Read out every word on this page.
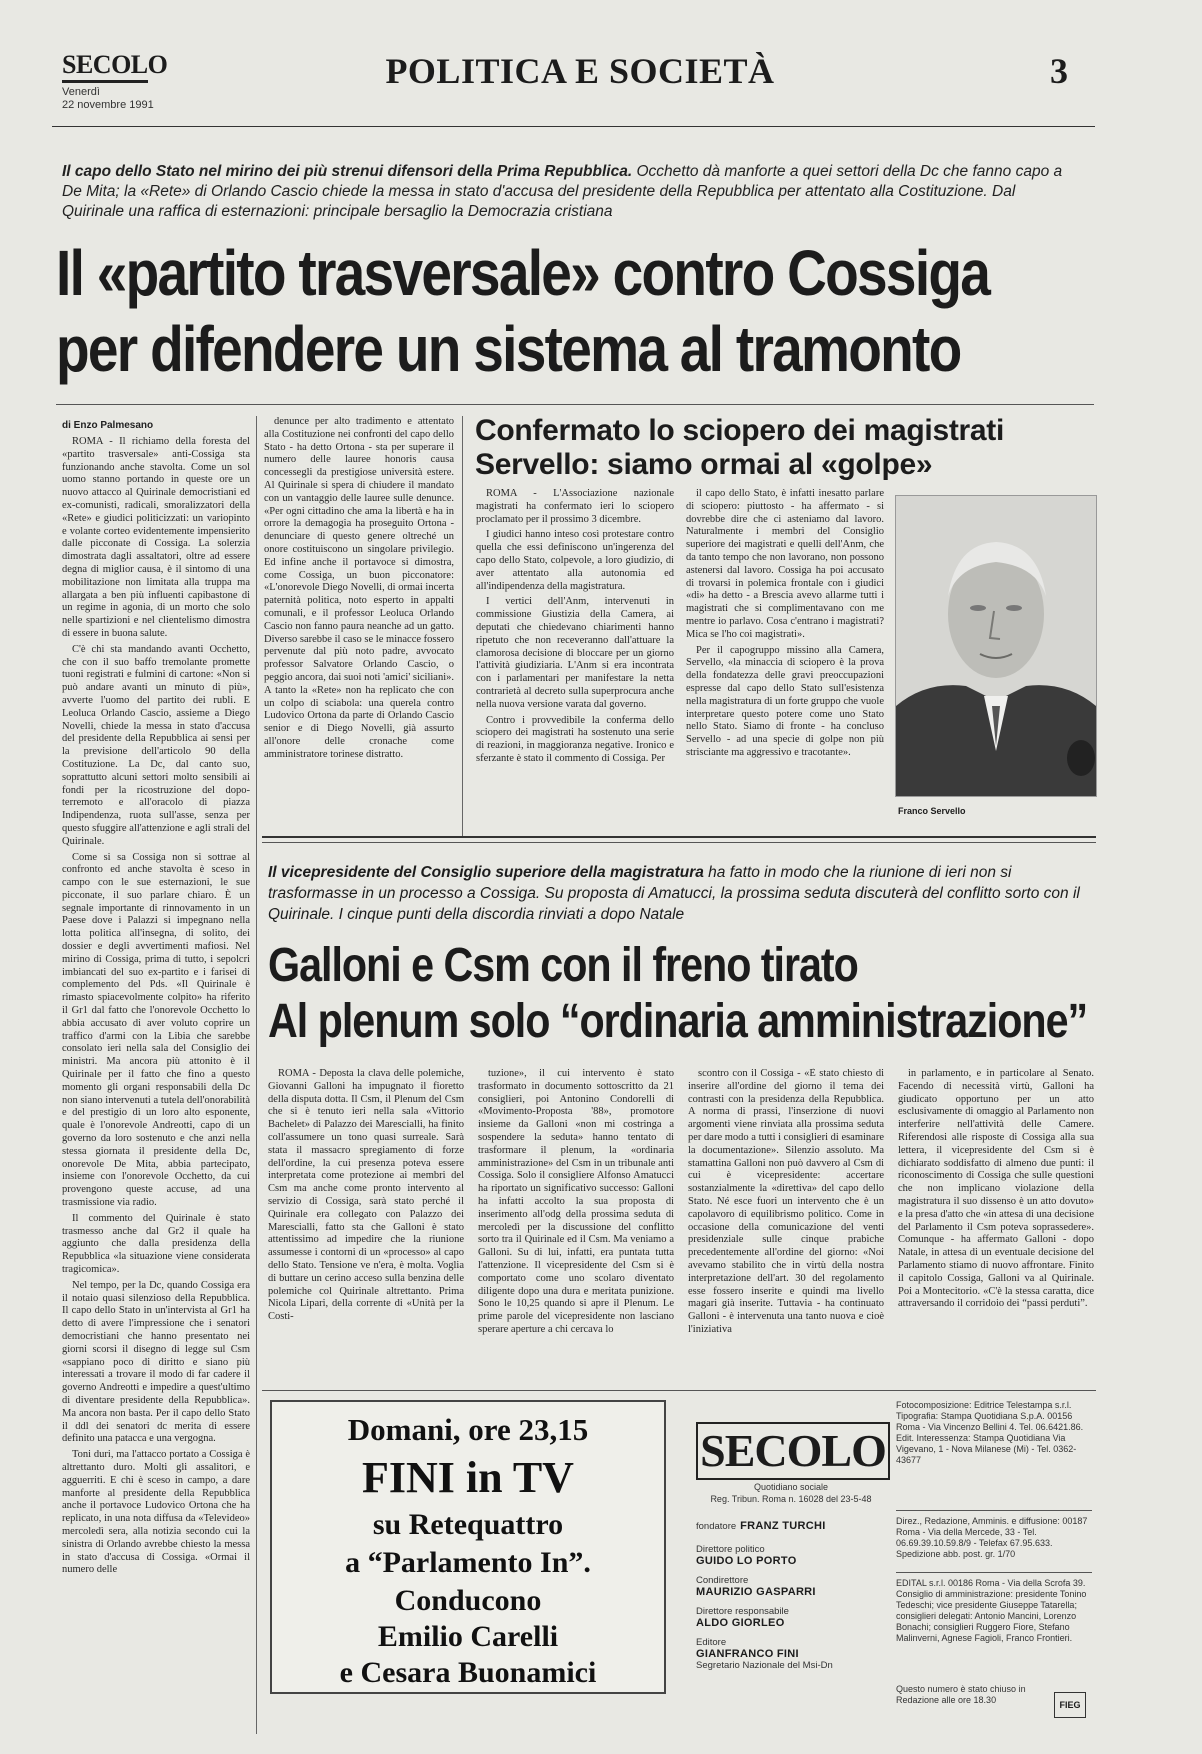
SECOLO
Venerdì
22 novembre 1991
POLITICA E SOCIETÀ	3
Il capo dello Stato nel mirino dei più strenui difensori della Prima Repubblica. Occhetto dà manforte a quei settori della Dc che fanno capo a De Mita; la «Rete» di Orlando Cascio chiede la messa in stato d'accusa del presidente della Repubblica per attentato alla Costituzione. Dal Quirinale una raffica di esternazioni: principale bersaglio la Democrazia cristiana
Il «partito trasversale» contro Cossiga
per difendere un sistema al tramonto
di Enzo Palmesano

ROMA - Il richiamo della foresta del «partito trasversale» anti-Cossiga sta funzionando anche stavolta. Come un sol uomo stanno portando in queste ore un nuovo attacco al Quirinale democristiani ed ex-comunisti, radicali, smoralizzatori della «Rete» e giudici politicizzati: un variopinto e volante corteo evidentemente impensierito dalle picconate di Cossiga. La solerzia dimostrata dagli assaltatori, oltre ad essere degna di miglior causa, è il sintomo di una mobilitazione non limitata alla truppa ma allargata a ben più influenti capibastone di un regime in agonia, di un morto che solo nelle spartizioni e nel clientelismo dimostra di essere in buona salute.

C'è chi sta mandando avanti Occhetto, che con il suo baffo tremolante promette tuoni registrati e fulmini di cartone: «Non si può andare avanti un minuto di più», avverte l'uomo del partito dei rubli. E Leoluca Orlando Cascio, assieme a Diego Novelli, chiede la messa in stato d'accusa del presidente della Repubblica ai sensi per la previsione dell'articolo 90 della Costituzione. La Dc, dal canto suo, soprattutto alcuni settori molto sensibili ai fondi per la ricostruzione del dopo-terremoto e all'oracolo di piazza Indipendenza, ruota sull'asse, senza per questo sfuggire all'attenzione e agli strali del Quirinale.

Come si sa Cossiga non si sottrae al confronto ed anche stavolta è sceso in campo con le sue esternazioni, le sue picconate, il suo parlare chiaro. È un segnale importante di rinnovamento in un Paese dove i Palazzi si impegnano nella lotta politica all'insegna, di solito, dei dossier e degli avvertimenti mafiosi. Nel mirino di Cossiga, prima di tutto, i sepolcri imbiancati del suo ex-partito e i farisei di complemento del Pds. «Il Quirinale è rimasto spiacevolmente colpito» ha riferito il Gr1 dal fatto che l'onorevole Occhetto lo abbia accusato di aver voluto coprire un traffico d'armi con la Libia che sarebbe consolato ieri nella sala del Consiglio dei ministri. Ma ancora più attonito è il Quirinale per il fatto che fino a questo momento gli organi responsabili della Dc non siano intervenuti a tutela dell'onorabilità e del prestigio di un loro alto esponente, quale è l'onorevole Andreotti, capo di un governo da loro sostenuto e che anzi nella stessa giornata il presidente della Dc, onorevole De Mita, abbia partecipato, insieme con l'onorevole Occhetto, da cui provengono queste accuse, ad una trasmissione via radio.

Il commento del Quirinale è stato trasmesso anche dal Gr2 il quale ha aggiunto che dalla presidenza della Repubblica «la situazione viene considerata tragicomica».

Nel tempo, per la Dc, quando Cossiga era il notaio quasi silenzioso della Repubblica. Il capo dello Stato in un'intervista al Gr1 ha detto di avere l'impressione che i senatori democristiani che hanno presentato nei giorni scorsi il disegno di legge sul Csm «sappiano poco di diritto e siano più interessati a trovare il modo di far cadere il governo Andreotti e impedire a quest'ultimo di diventare presidente della Repubblica». Ma ancora non basta. Per il capo dello Stato il ddl dei senatori dc merita di essere definito una patacca e una vergogna.

Toni duri, ma l'attacco portato a Cossiga è altrettanto duro. Molti gli assalitori, e agguerriti. E chi è sceso in campo, a dare manforte al presidente della Repubblica anche il portavoce Ludovico Ortona che ha replicato, in una nota diffusa da «Televideo» mercoledì sera, alla notizia secondo cui la sinistra di Orlando avrebbe chiesto la messa in stato d'accusa di Cossiga. «Ormai il numero delle

denunce per alto tradimento e attentato alla Costituzione nei confronti del capo dello Stato - ha detto Ortona - sta per superare il numero delle lauree honoris causa concessegli da prestigiose università estere. Al Quirinale si spera di chiudere il mandato con un vantaggio delle lauree sulle denunce. «Per ogni cittadino che ama la libertà e ha in orrore la demagogia ha proseguito Ortona - denunciare di questo genere oltreché un onore costituiscono un singolare privilegio. Ed infine anche il portavoce si dimostra, come Cossiga, un buon picconatore: «L'onorevole Diego Novelli, di ormai incerta paternità politica, noto esperto in appalti comunali, e il professor Leoluca Orlando Cascio non fanno paura neanche ad un gatto. Diverso sarebbe il caso se le minacce fossero pervenute dal più noto padre, avvocato professor Salvatore Orlando Cascio, o peggio ancora, dai suoi noti 'amici' siciliani». A tanto la «Rete» non ha replicato che con un colpo di sciabola: una querela contro Ludovico Ortona da parte di Orlando Cascio senior e di Diego Novelli, già assurto all'onore delle cronache come amministratore torinese distratto.

Confermato lo sciopero dei magistrati
Servello: siamo ormai al «golpe»

ROMA - L'Associazione nazionale magistrati ha confermato ieri lo sciopero proclamato per il prossimo 3 dicembre.

I giudici hanno inteso così protestare contro quella che essi definiscono un'ingerenza del capo dello Stato, colpevole, a loro giudizio, di aver attentato alla autonomia ed all'indipendenza della magistratura.

I vertici dell'Anm, intervenuti in commissione Giustizia della Camera, ai deputati che chiedevano chiarimenti hanno ripetuto che non receveranno dall'attuare la clamorosa decisione di bloccare per un giorno l'attività giudiziaria. L'Anm si era incontrata con i parlamentari per manifestare la netta contrarietà al decreto sulla superprocura anche nella nuova versione varata dal governo.

Contro i provvedibile la conferma dello sciopero dei magistrati ha sostenuto una serie di reazioni, in maggioranza negative. Ironico e sferzante è stato il commento di Cossiga. Per

il capo dello Stato, è infatti inesatto parlare di sciopero: piuttosto - ha affermato - si dovrebbe dire che ci asteniamo dal lavoro. Naturalmente i membri del Consiglio superiore dei magistrati e quelli dell'Anm, che da tanto tempo che non lavorano, non possono astenersi dal lavoro. Cossiga ha poi accusato di trovarsi in polemica frontale con i giudici «di» ha detto - a Brescia avevo allarme tutti i magistrati che si complimentavano con me mentre io parlavo. Cosa c'entrano i magistrati? Mica se l'ho coi magistrati».

Per il capogruppo missino alla Camera, Servello, «la minaccia di sciopero è la prova della fondatezza delle gravi preoccupazioni espresse dal capo dello Stato sull'esistenza nella magistratura di un forte gruppo che vuole interpretare questo potere come uno Stato nello Stato. Siamo di fronte - ha concluso Servello - ad una specie di golpe non più strisciante ma aggressivo e tracotante».

Franco Servello
Il vicepresidente del Consiglio superiore della magistratura ha fatto in modo che la riunione di ieri non si trasformasse in un processo a Cossiga. Su proposta di Amatucci, la prossima seduta discuterà del conflitto sorto con il Quirinale. I cinque punti della discordia rinviati a dopo Natale
Galloni e Csm con il freno tirato
Al plenum solo “ordinaria amministrazione”

ROMA - Deposta la clava delle polemiche, Giovanni Galloni ha impugnato il fioretto della disputa dotta. Il Csm, il Plenum del Csm che si è tenuto ieri nella sala «Vittorio Bachelet» di Palazzo dei Marescialli, ha finito coll'assumere un tono quasi surreale. Sarà stata il massacro spregiamento di forze dell'ordine, la cui presenza poteva essere interpretata come protezione ai membri del Csm ma anche come pronto intervento al servizio di Cossiga, sarà stato perché il Quirinale era collegato con Palazzo dei Marescialli, fatto sta che Galloni è stato attentissimo ad impedire che la riunione assumesse i contorni di un «processo» al capo dello Stato. Tensione ve n'era, è molta. Voglia di buttare un cerino acceso sulla benzina delle polemiche col Quirinale altrettanto. Prima Nicola Lipari, della corrente di «Unità per la Costi-

tuzione», il cui intervento è stato trasformato in documento sottoscritto da 21 consiglieri, poi Antonino Condorelli di «Movimento-Proposta '88», promotore insieme da Galloni «non mi costringa a sospendere la seduta» hanno tentato di trasformare il plenum, la «ordinaria amministrazione» del Csm in un tribunale anti Cossiga. Solo il consigliere Alfonso Amatucci ha riportato un significativo successo: Galloni ha infatti accolto la sua proposta di inserimento all'odg della prossima seduta di mercoledì per la discussione del conflitto sorto tra il Quirinale ed il Csm. Ma veniamo a Galloni. Su di lui, infatti, era puntata tutta l'attenzione. Il vicepresidente del Csm si è comportato come uno scolaro diventato diligente dopo una dura e meritata punizione. Sono le 10,25 quando si apre il Plenum. Le prime parole del vicepresidente non lasciano sperare aperture a chi cercava lo

scontro con il Cossiga - «È stato chiesto di inserire all'ordine del giorno il tema dei contrasti con la presidenza della Repubblica. A norma di prassi, l'inserzione di nuovi argomenti viene rinviata alla prossima seduta per dare modo a tutti i consiglieri di esaminare la documentazione». Silenzio assoluto. Ma stamattina Galloni non può davvero al Csm di cui è vicepresidente: accertare sostanzialmente la «direttiva» del capo dello Stato. Né esce fuori un intervento che è un capolavoro di equilibrismo politico. Come in occasione della comunicazione del venti presidenziale sulle cinque prabiche precedentemente all'ordine del giorno: «Noi avevamo stabilito che in virtù della nostra interpretazione dell'art. 30 del regolamento esse fossero inserite e quindi ma livello magari già inserite. Tuttavia - ha continuato Galloni - è intervenuta una tanto nuova e cioè l'iniziativa

in parlamento, e in particolare al Senato. Facendo di necessità virtù, Galloni ha giudicato opportuno per un atto esclusivamente di omaggio al Parlamento non interferire nell'attività delle Camere. Riferendosi alle risposte di Cossiga alla sua lettera, il vicepresidente del Csm si è dichiarato soddisfatto di almeno due punti: il riconoscimento di Cossiga che sulle questioni che non implicano violazione della magistratura il suo dissenso è un atto dovuto» e la presa d'atto che «in attesa di una decisione del Parlamento il Csm poteva soprassedere». Comunque - ha affermato Galloni - dopo Natale, in attesa di un eventuale decisione del Parlamento stiamo di nuovo affrontare. Finito il capitolo Cossiga, Galloni va al Quirinale. Poi a Montecitorio. «C'è la stessa caratta, dice attraversando il corridoio dei “passi perduti”.

Domani, ore 23,15
FINI in TV
su Retequattro
a “Parlamento In”.
Conducono
Emilio Carelli
e Cesara Buonamici
SECOLO
Quotidiano sociale
Reg. Tribun. Roma n. 16028 del 23-5-48
fondatore FRANZ TURCHI
Direttore politico
GUIDO LO PORTO
Condirettore
MAURIZIO GASPARRI
Direttore responsabile
ALDO GIORLEO
Editore
GIANFRANCO FINI
Segretario Nazionale del Msi-Dn
Fotocomposizione: Editrice Telestampa s.r.l. Tipografia: Stampa Quotidiana S.p.A. 00156 Roma - Via Vincenzo Bellini 4. Tel. 06.6421.86. Edit. Interessenza: Stampa Quotidiana Via Vigevano, 1 - Nova Milanese (Mi) - Tel. 0362-43677
Direz., Redazione, Amminis. e diffusione: 00187 Roma - Via della Mercede, 33 - Tel. 06.69.39.10.59.8/9 - Telefax 67.95.633. Spedizione abb. post. gr. 1/70
EDITAL s.r.l. 00186 Roma - Via della Scrofa 39. Consiglio di amministrazione: presidente Tonino Tedeschi; vice presidente Giuseppe Tatarella; consiglieri delegati: Antonio Mancini, Lorenzo Bonachi; consiglieri Ruggero Fiore, Stefano Malinverni, Agnese Fagioli, Franco Frontieri.
Questo numero è stato chiuso in Redazione alle ore 18.30	FIEG
